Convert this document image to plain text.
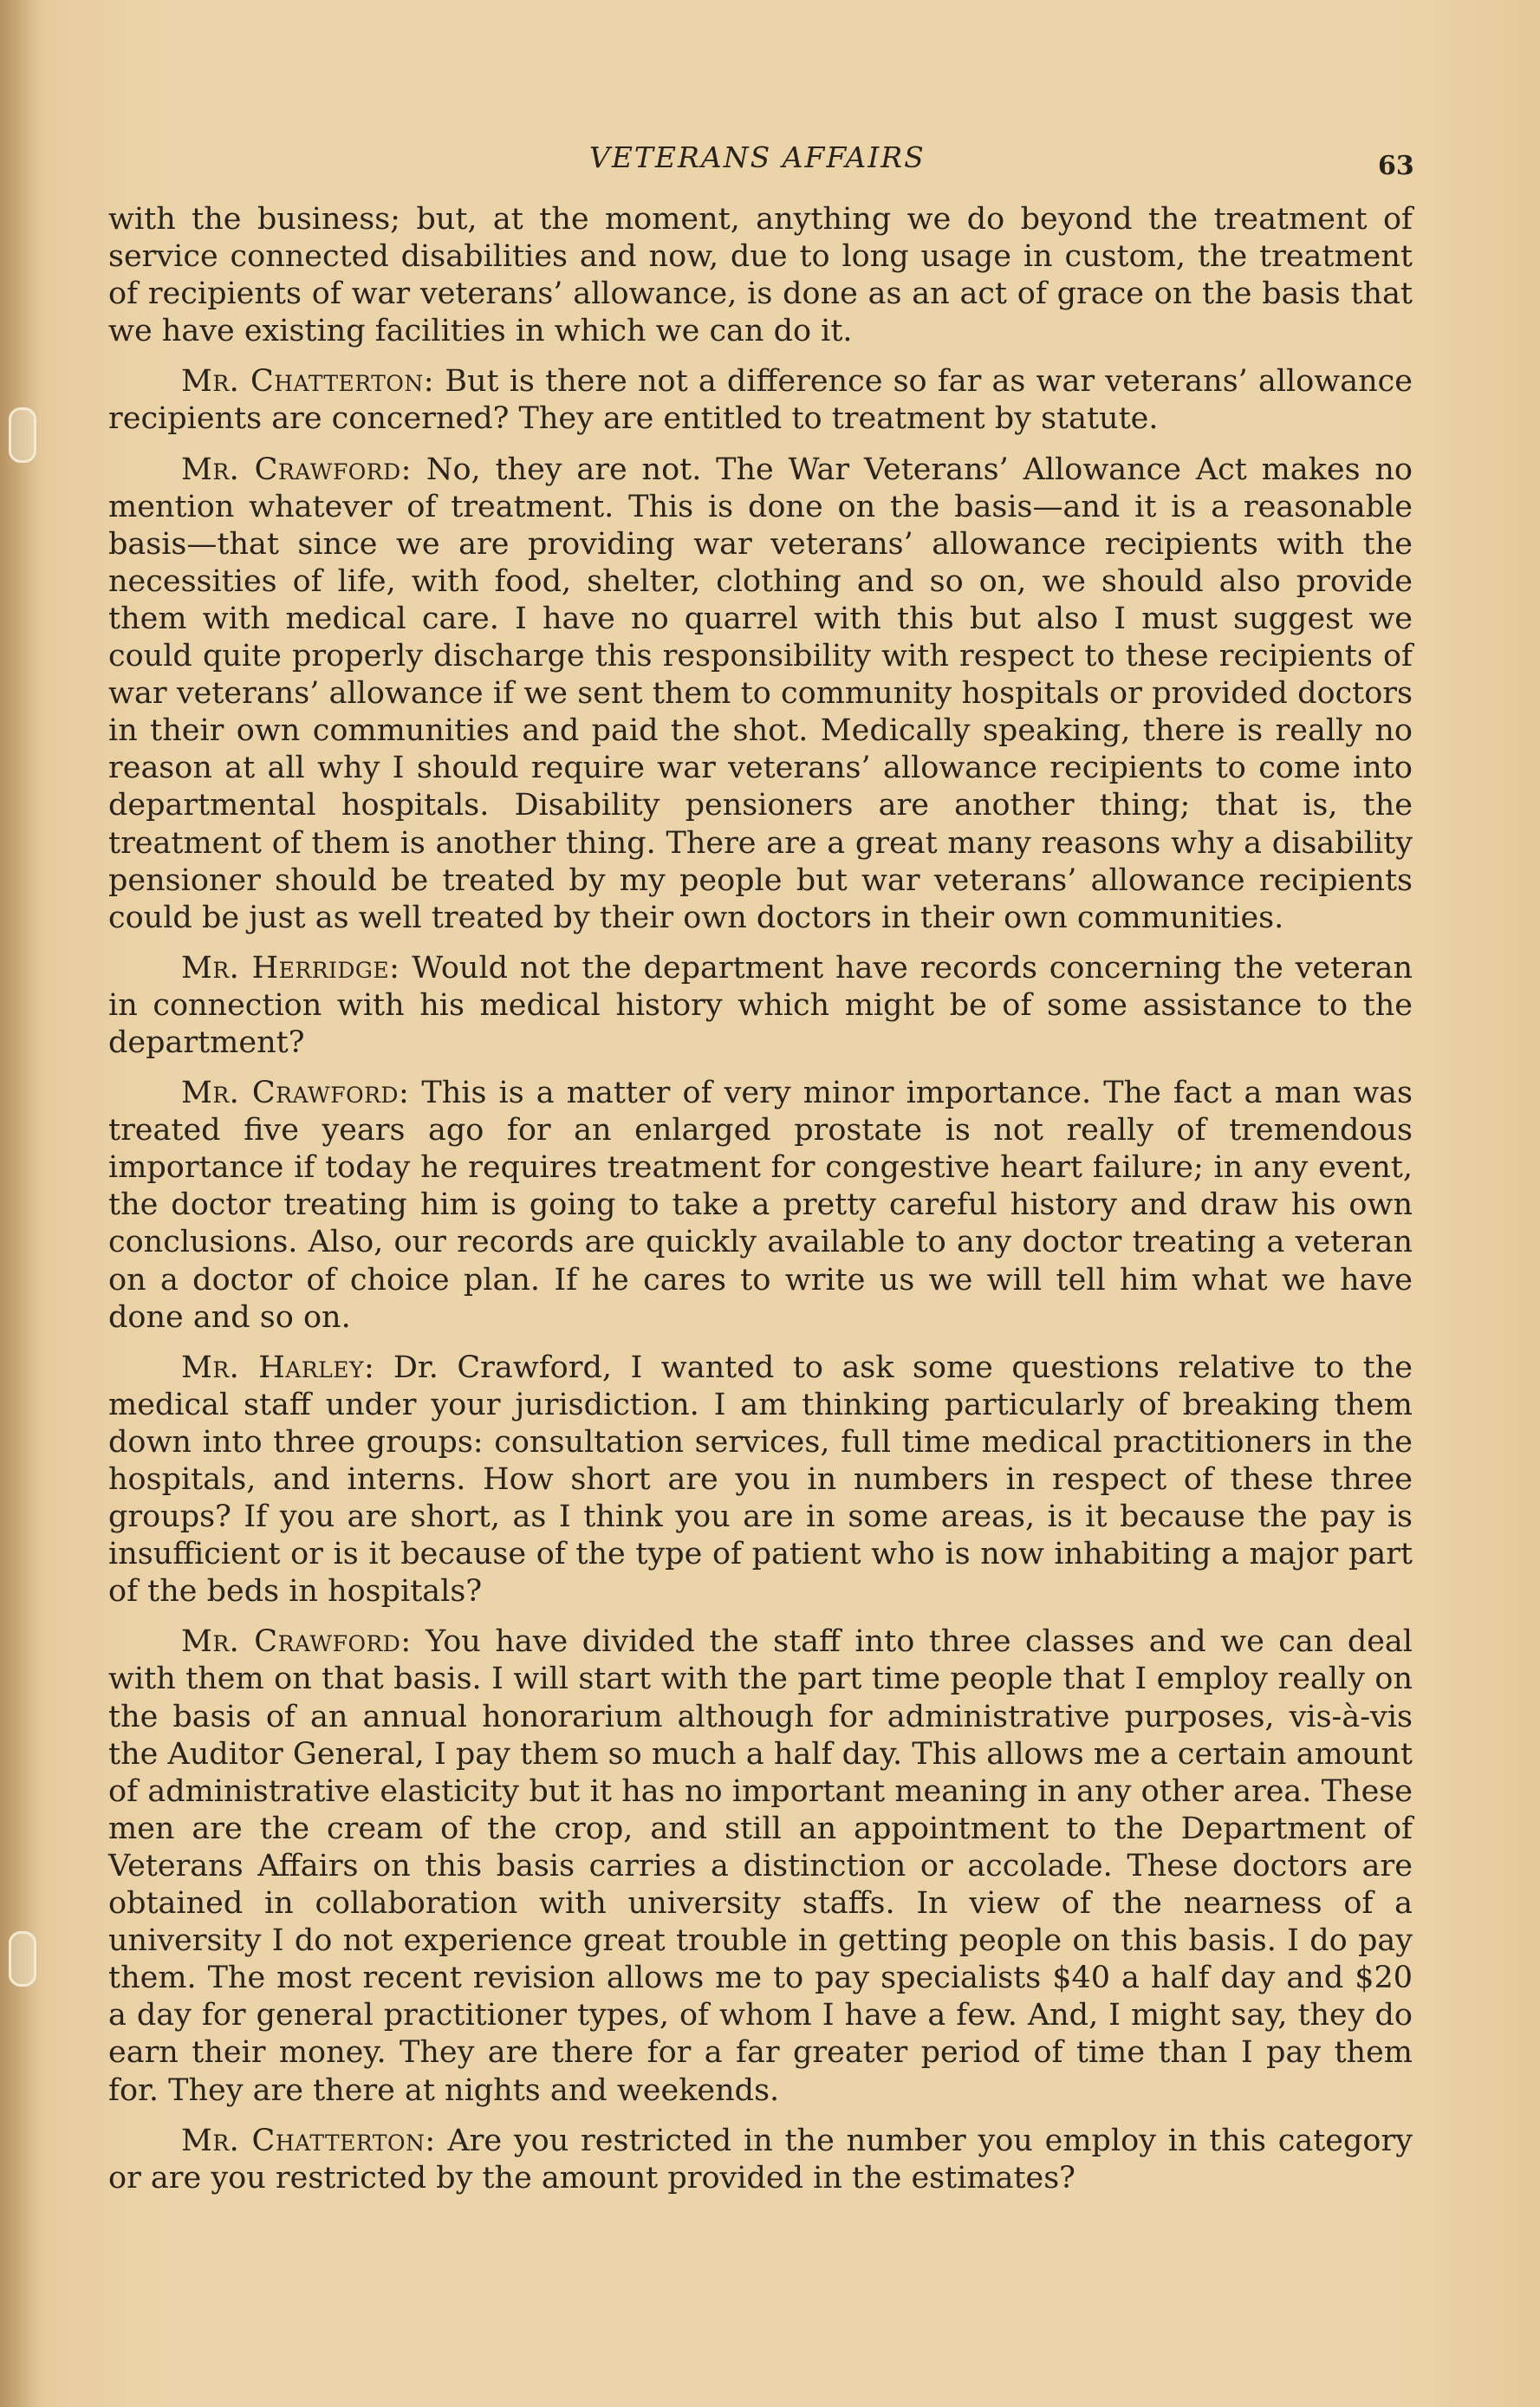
VETERANS AFFAIRS	63

with the business; but, at the moment, anything we do beyond the treatment of service connected disabilities and now, due to long usage in custom, the treatment of recipients of war veterans’ allowance, is done as an act of grace on the basis that we have existing facilities in which we can do it.

Mr. Chatterton: But is there not a difference so far as war veterans’ allowance recipients are concerned? They are entitled to treatment by statute.

Mr. Crawford: No, they are not. The War Veterans’ Allowance Act makes no mention whatever of treatment. This is done on the basis—and it is a reasonable basis—that since we are providing war veterans’ allowance recipients with the necessities of life, with food, shelter, clothing and so on, we should also provide them with medical care. I have no quarrel with this but also I must suggest we could quite properly discharge this responsibility with respect to these recipients of war veterans’ allowance if we sent them to community hospitals or provided doctors in their own communities and paid the shot. Medically speaking, there is really no reason at all why I should require war veterans’ allowance recipients to come into departmental hospitals. Disability pensioners are another thing; that is, the treatment of them is another thing. There are a great many reasons why a disability pensioner should be treated by my people but war veterans’ allowance recipients could be just as well treated by their own doctors in their own communities.

Mr. Herridge: Would not the department have records concerning the veteran in connection with his medical history which might be of some assistance to the department?

Mr. Crawford: This is a matter of very minor importance. The fact a man was treated five years ago for an enlarged prostate is not really of tremendous importance if today he requires treatment for congestive heart failure; in any event, the doctor treating him is going to take a pretty careful history and draw his own conclusions. Also, our records are quickly available to any doctor treating a veteran on a doctor of choice plan. If he cares to write us we will tell him what we have done and so on.

Mr. Harley: Dr. Crawford, I wanted to ask some questions relative to the medical staff under your jurisdiction. I am thinking particularly of breaking them down into three groups: consultation services, full time medical practitioners in the hospitals, and interns. How short are you in numbers in respect of these three groups? If you are short, as I think you are in some areas, is it because the pay is insufficient or is it because of the type of patient who is now inhabiting a major part of the beds in hospitals?

Mr. Crawford: You have divided the staff into three classes and we can deal with them on that basis. I will start with the part time people that I employ really on the basis of an annual honorarium although for administrative purposes, vis-à-vis the Auditor General, I pay them so much a half day. This allows me a certain amount of administrative elasticity but it has no important meaning in any other area. These men are the cream of the crop, and still an appointment to the Department of Veterans Affairs on this basis carries a distinction or accolade. These doctors are obtained in collaboration with university staffs. In view of the nearness of a university I do not experience great trouble in getting people on this basis. I do pay them. The most recent revision allows me to pay specialists $40 a half day and $20 a day for general practitioner types, of whom I have a few. And, I might say, they do earn their money. They are there for a far greater period of time than I pay them for. They are there at nights and weekends.

Mr. Chatterton: Are you restricted in the number you employ in this category or are you restricted by the amount provided in the estimates?
